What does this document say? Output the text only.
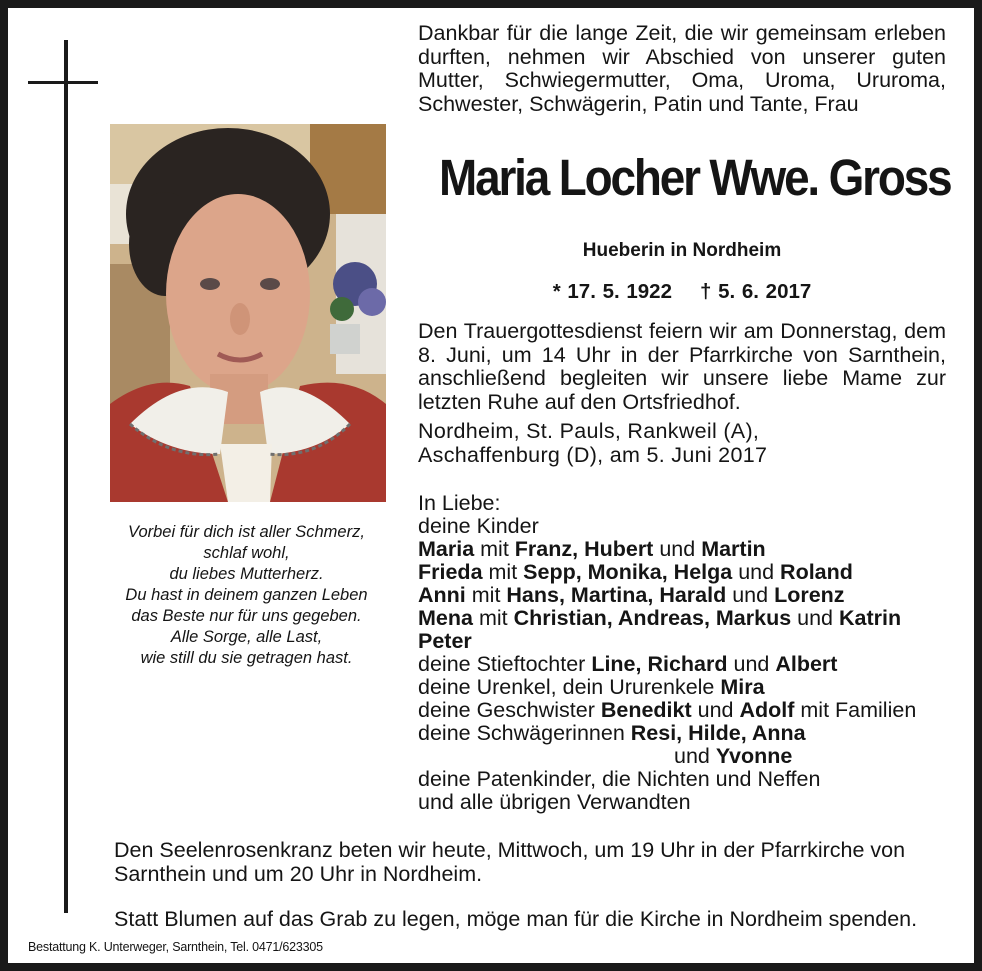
Dankbar für die lange Zeit, die wir gemeinsam erleben durften, nehmen wir Abschied von unserer guten Mutter, Schwiegermutter, Oma, Uroma, Ururoma, Schwester, Schwägerin, Patin und Tante, Frau
Maria Locher Wwe. Gross
Hueberin in Nordheim
* 17. 5. 1922 † 5. 6. 2017
Vorbei für dich ist aller Schmerz,
schlaf wohl,
du liebes Mutterherz.
Du hast in deinem ganzen Leben
das Beste nur für uns gegeben.
Alle Sorge, alle Last,
wie still du sie getragen hast.
Den Trauergottesdienst feiern wir am Donnerstag, dem 8. Juni, um 14 Uhr in der Pfarrkirche von Sarnthein, anschließend begleiten wir unsere liebe Mame zur letzten Ruhe auf den Ortsfriedhof.
Nordheim, St. Pauls, Rankweil (A),
Aschaffenburg (D), am 5. Juni 2017
In Liebe:
deine Kinder
Maria mit Franz, Hubert und Martin
Frieda mit Sepp, Monika, Helga und Roland
Anni mit Hans, Martina, Harald und Lorenz
Mena mit Christian, Andreas, Markus und Katrin
Peter
deine Stieftochter Line, Richard und Albert
deine Urenkel, dein Ururenkele Mira
deine Geschwister Benedikt und Adolf mit Familien
deine Schwägerinnen Resi, Hilde, Anna
und Yvonne
deine Patenkinder, die Nichten und Neffen
und alle übrigen Verwandten
Den Seelenrosenkranz beten wir heute, Mittwoch, um 19 Uhr in der Pfarrkirche von Sarnthein und um 20 Uhr in Nordheim.
Statt Blumen auf das Grab zu legen, möge man für die Kirche in Nordheim spenden.
Bestattung K. Unterweger, Sarnthein, Tel. 0471/623305
